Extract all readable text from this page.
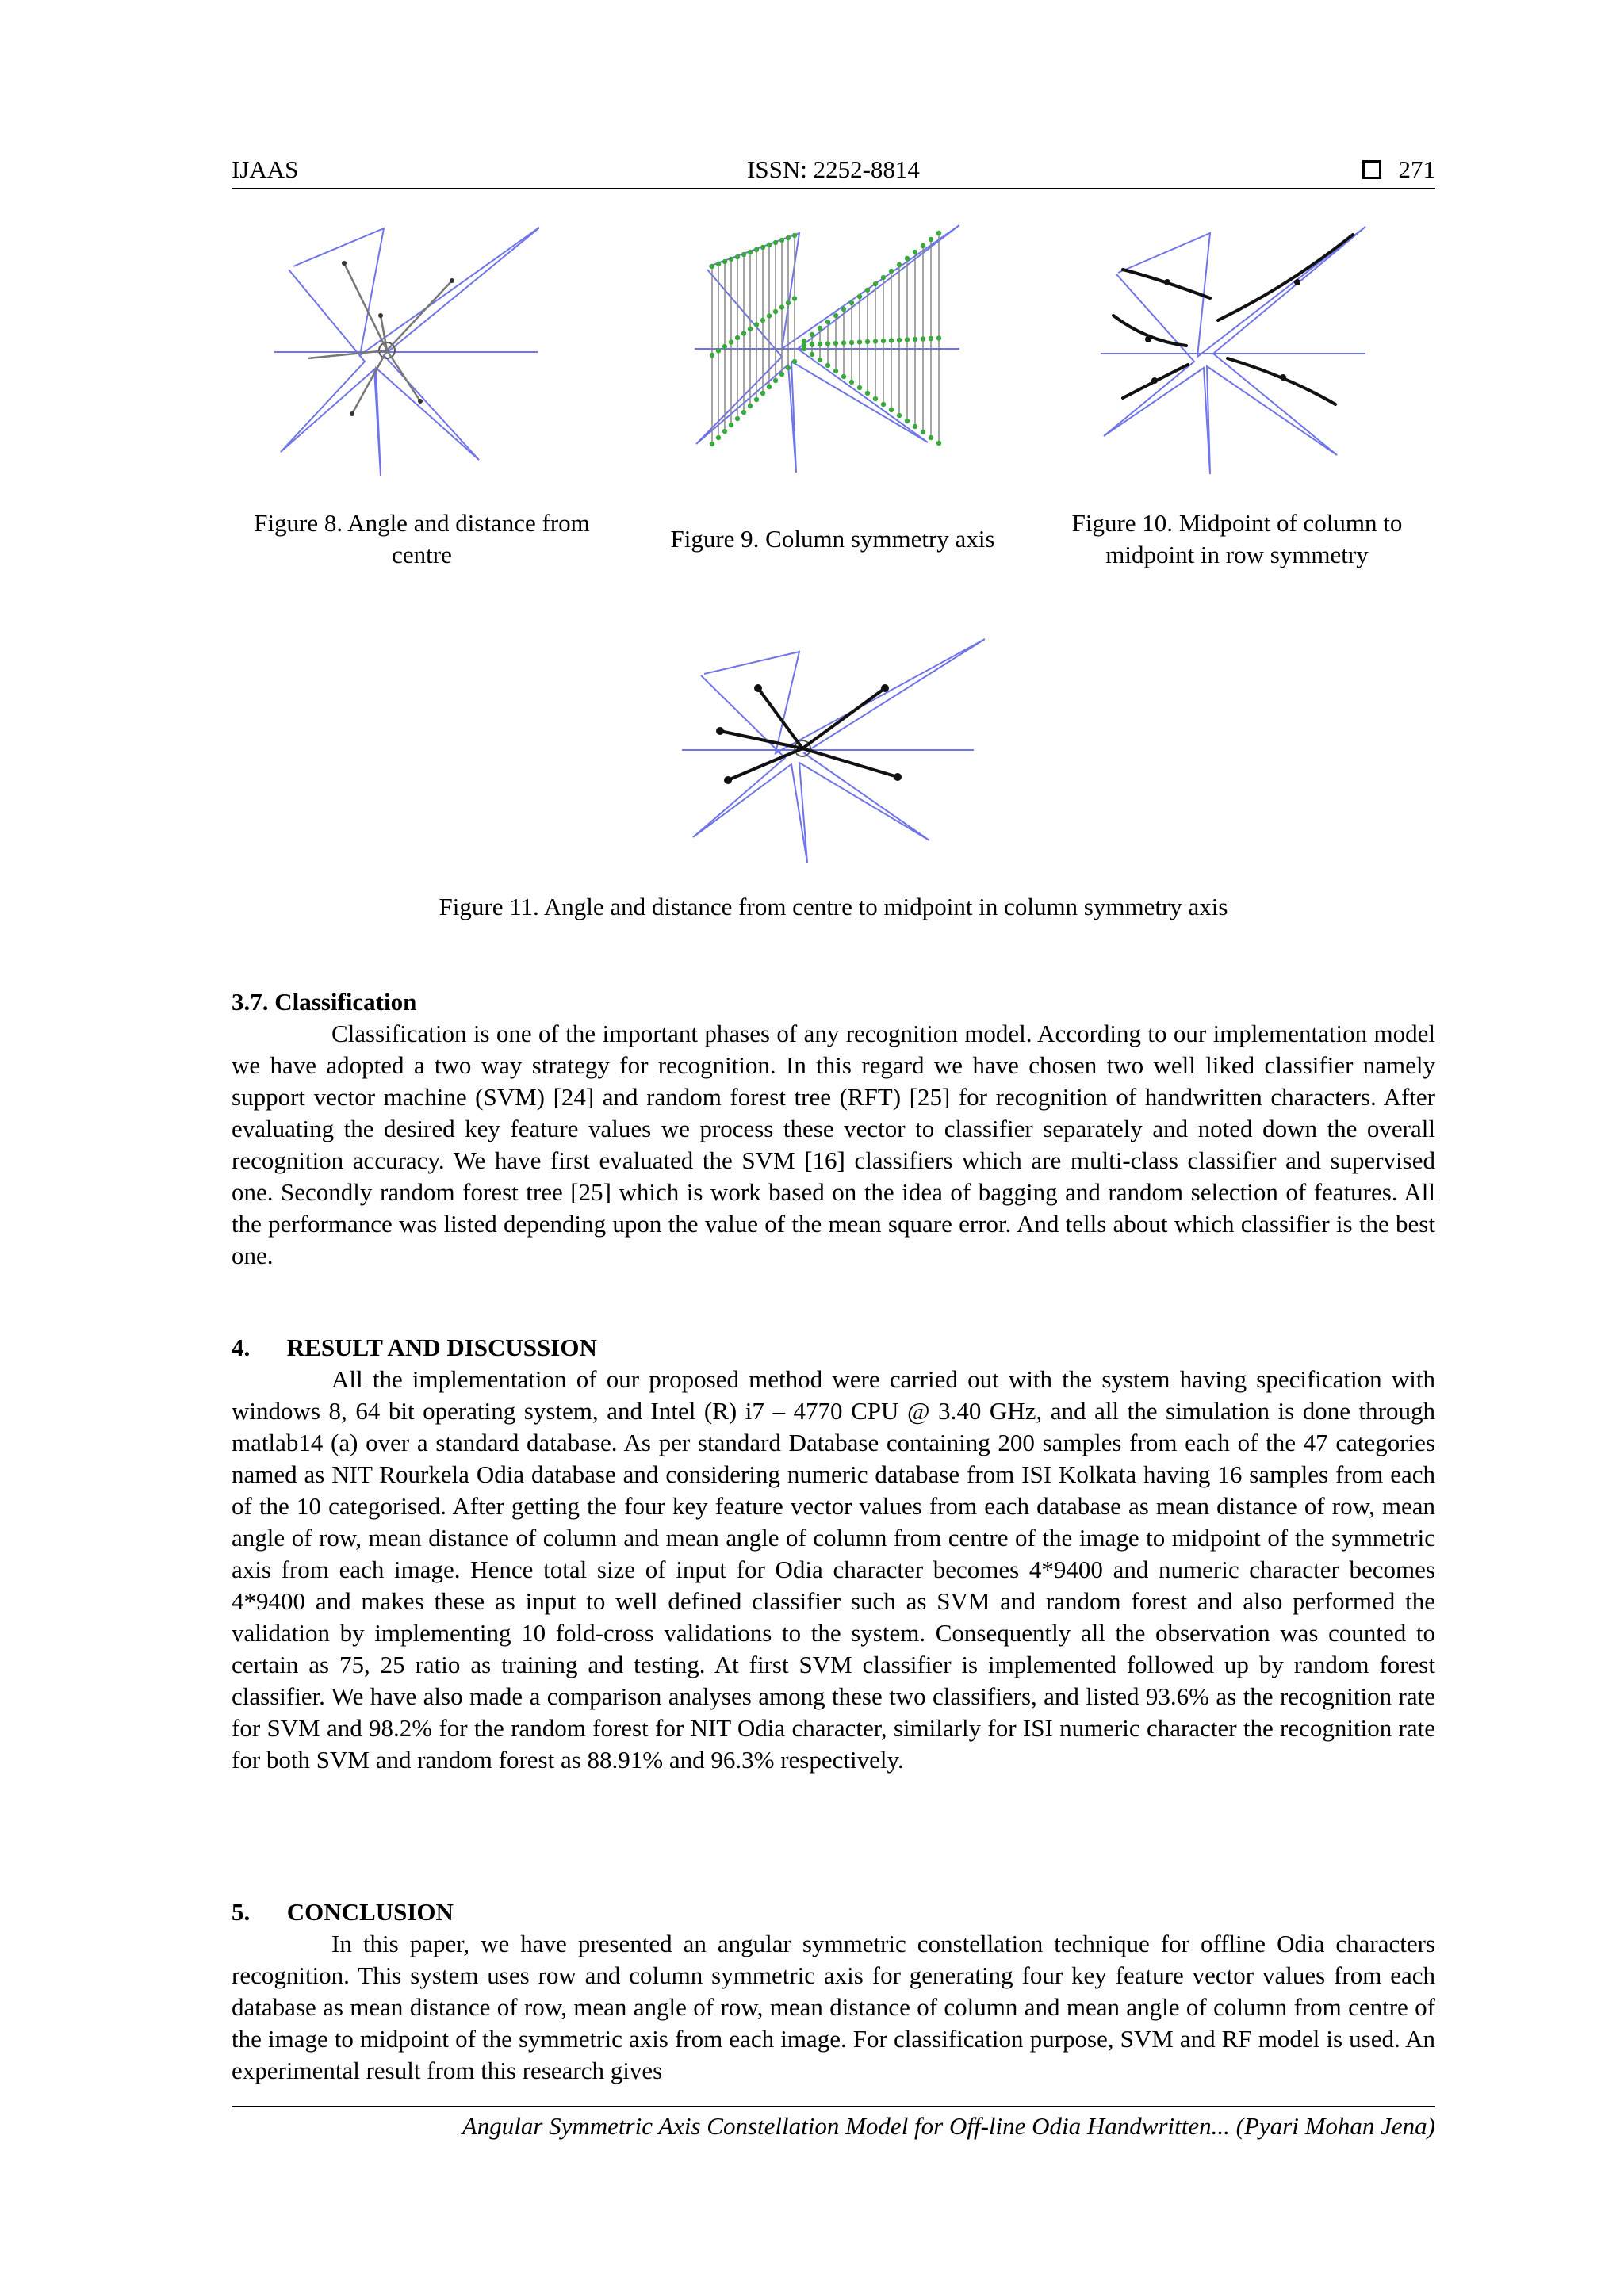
IJAAS	ISSN: 2252-8814	271
Figure 8. Angle and distance from centre
Figure 9. Column symmetry axis
Figure 10. Midpoint of column to midpoint in row symmetry
Figure 11. Angle and distance from centre to midpoint in column symmetry axis
3.7. Classification
Classification is one of the important phases of any recognition model. According to our implementation model we have adopted a two way strategy for recognition. In this regard we have chosen two well liked classifier namely support vector machine (SVM) [24] and random forest tree (RFT) [25] for recognition of handwritten characters. After evaluating the desired key feature values we process these vector to classifier separately and noted down the overall recognition accuracy. We have first evaluated the SVM [16] classifiers which are multi-class classifier and supervised one. Secondly random forest tree [25] which is work based on the idea of bagging and random selection of features. All the performance was listed depending upon the value of the mean square error. And tells about which classifier is the best one.
4.      RESULT AND DISCUSSION
All the implementation of our proposed method were carried out with the system having specification with windows 8, 64 bit operating system, and Intel (R) i7 – 4770 CPU @ 3.40 GHz, and all the simulation is done through matlab14 (a) over a standard database. As per standard Database containing 200 samples from each of the 47 categories named as NIT Rourkela Odia database and considering numeric database from ISI Kolkata having 16 samples from each of the 10 categorised. After getting the four key feature vector values from each database as mean distance of row, mean angle of row, mean distance of column and mean angle of column from centre of the image to midpoint of the symmetric axis from each image. Hence total size of input for Odia character becomes 4*9400 and numeric character becomes 4*9400 and makes these as input to well defined classifier such as SVM and random forest and also performed the validation by implementing 10 fold-cross validations to the system. Consequently all the observation was counted to certain as 75, 25 ratio as training and testing. At first SVM classifier is implemented followed up by random forest classifier. We have also made a comparison analyses among these two classifiers, and listed 93.6% as the recognition rate for SVM and 98.2% for the random forest for NIT Odia character, similarly for ISI numeric character the recognition rate for both SVM and random forest as 88.91% and 96.3% respectively.
5.      CONCLUSION
In this paper, we have presented an angular symmetric constellation technique for offline Odia characters recognition. This system uses row and column symmetric axis for generating four key feature vector values from each database as mean distance of row, mean angle of row, mean distance of column and mean angle of column from centre of the image to midpoint of the symmetric axis from each image. For classification purpose, SVM and RF model is used. An experimental result from this research gives
Angular Symmetric Axis Constellation Model for Off-line Odia Handwritten... (Pyari Mohan Jena)
